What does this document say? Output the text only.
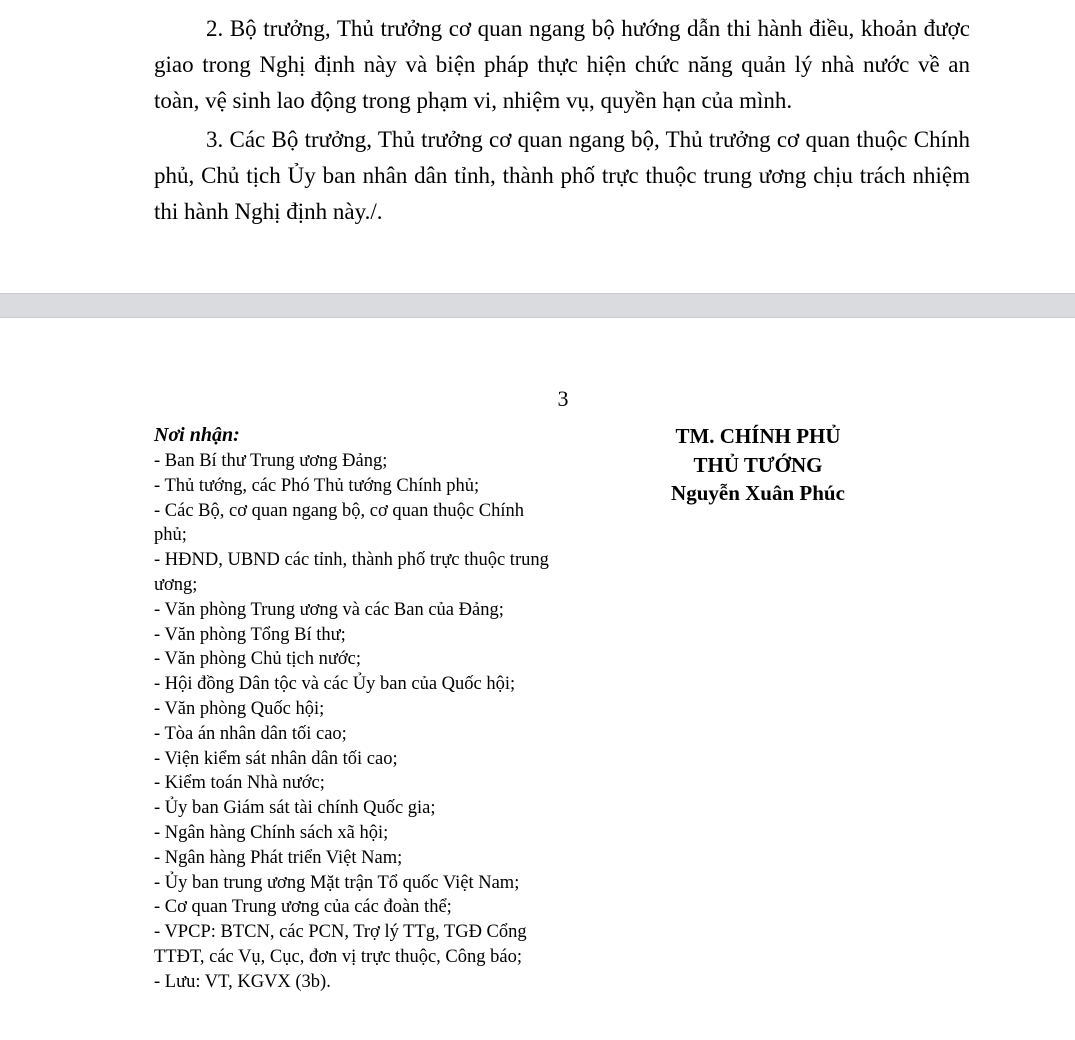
2. Bộ trưởng, Thủ trưởng cơ quan ngang bộ hướng dẫn thi hành điều, khoản được giao trong Nghị định này và biện pháp thực hiện chức năng quản lý nhà nước về an toàn, vệ sinh lao động trong phạm vi, nhiệm vụ, quyền hạn của mình.

3. Các Bộ trưởng, Thủ trưởng cơ quan ngang bộ, Thủ trưởng cơ quan thuộc Chính phủ, Chủ tịch Ủy ban nhân dân tỉnh, thành phố trực thuộc trung ương chịu trách nhiệm thi hành Nghị định này./.

3
Nơi nhận:
- Ban Bí thư Trung ương Đảng;
- Thủ tướng, các Phó Thủ tướng Chính phủ;
- Các Bộ, cơ quan ngang bộ, cơ quan thuộc Chính phủ;
- HĐND, UBND các tỉnh, thành phố trực thuộc trung ương;
- Văn phòng Trung ương và các Ban của Đảng;
- Văn phòng Tổng Bí thư;
- Văn phòng Chủ tịch nước;
- Hội đồng Dân tộc và các Ủy ban của Quốc hội;
- Văn phòng Quốc hội;
- Tòa án nhân dân tối cao;
- Viện kiểm sát nhân dân tối cao;
- Kiểm toán Nhà nước;
- Ủy ban Giám sát tài chính Quốc gia;
- Ngân hàng Chính sách xã hội;
- Ngân hàng Phát triển Việt Nam;
- Ủy ban trung ương Mặt trận Tổ quốc Việt Nam;
- Cơ quan Trung ương của các đoàn thể;
- VPCP: BTCN, các PCN, Trợ lý TTg, TGĐ Cổng TTĐT, các Vụ, Cục, đơn vị trực thuộc, Công báo;
- Lưu: VT, KGVX (3b).
TM. CHÍNH PHỦ
THỦ TƯỚNG
Nguyễn Xuân Phúc
